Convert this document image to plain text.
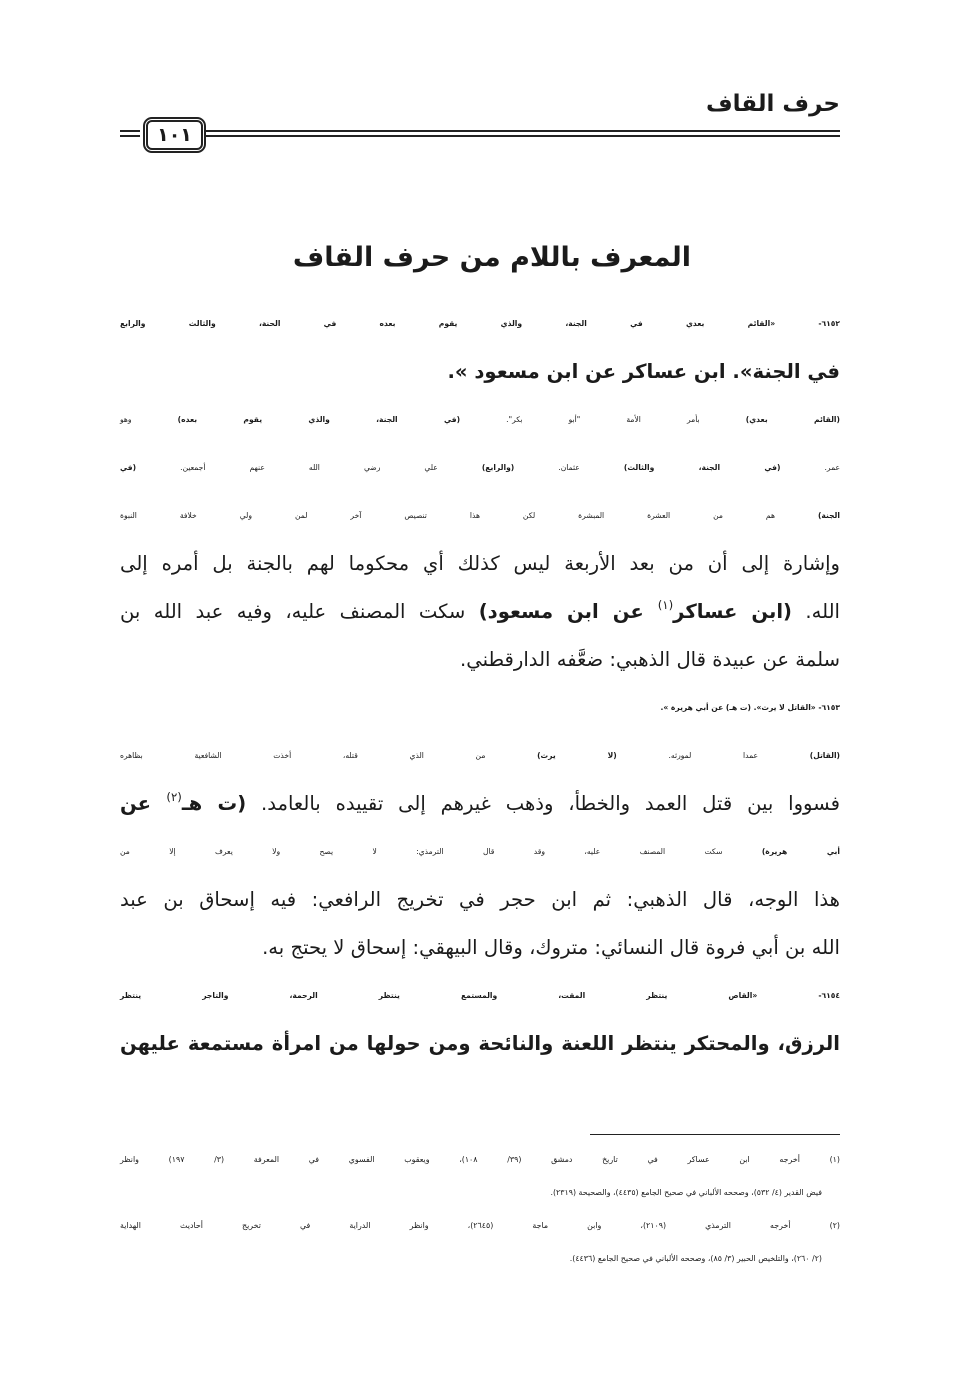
حرف القاف
١٠١
المعرف باللام من حرف القاف
٦١٥٢- «القائم بعدي في الجنة، والذي يقوم بعده في الحنة، والثالث والرابع
في الجنة». ابن عساكر عن ابن مسعود ».
(القائم بعدي) بأمر الأمة "أبو بكر". (في الجنة، والذي يقوم بعده) وهو
عمر. (في الجنة، والثالث) عثمان. (والرابع) علي رضي الله عنهم أجمعين. (في
الجنة) هم من العشرة المبشرة لكن هذا تنصيص آخر لمن ولي خلافة النبوة
وإشارة إلى أن من بعد الأربعة ليس كذلك أي محكوما لهم بالجنة بل أمره إلى
الله. (ابن عساكر$^{(١)}$ عن ابن مسعود) سكت المصنف عليه، وفيه عبد الله بن
سلمة عن عبيدة قال الذهبي: ضعَّفه الدارقطني.
٦١٥٣- «القاتل لا يرث». (ت هـ) عن أبي هريرة ».
(القاتل) عمدا لمورثه. (لا يرث) من الذي قتله، أخذت الشافعية بظاهره
فسووا بين قتل العمد والخطأ، وذهب غيرهم إلى تقييده بالعامد. (ت هـ$^{(٢)}$ عن
أبي هريرة) سكت المصنف عليه، وقد قال الترمذي: لا يصح ولا يعرف إلا من
هذا الوجه، قال الذهبي: ثم ابن حجر في تخريج الرافعي: فيه إسحاق بن عبد
الله بن أبي فروة قال النسائي: متروك، وقال البيهقي: إسحاق لا يحتج به.
٦١٥٤- «القاص ينتظر المقت، والمستمع ينتظر الرحمة، والتاجر ينتظر
الرزق، والمحتكر ينتظر اللعنة والنائحة ومن حولها من امرأة مستمعة عليهن
(١) أخرجه ابن عساكر في تاريخ دمشق (٣٩/ ١٠٨)، ويعقوب الفسوي في المعرفة (٣/ ١٩٧) وانظر
فيض القدير (٤/ ٥٣٢)، وصححه الألباني في صحيح الجامع (٤٤٣٥)، والصحيحة (٢٣١٩).
(٢) أخرجه الترمذي (٢١٠٩)، وابن ماجة (٢٦٤٥)، وانظر الدراية في تخريج أحاديث الهداية
(٢/ ٢٦٠)، والتلخيص الحبير (٣/ ٨٥)، وصححه الألباني في صحيح الجامع (٤٤٣٦).
